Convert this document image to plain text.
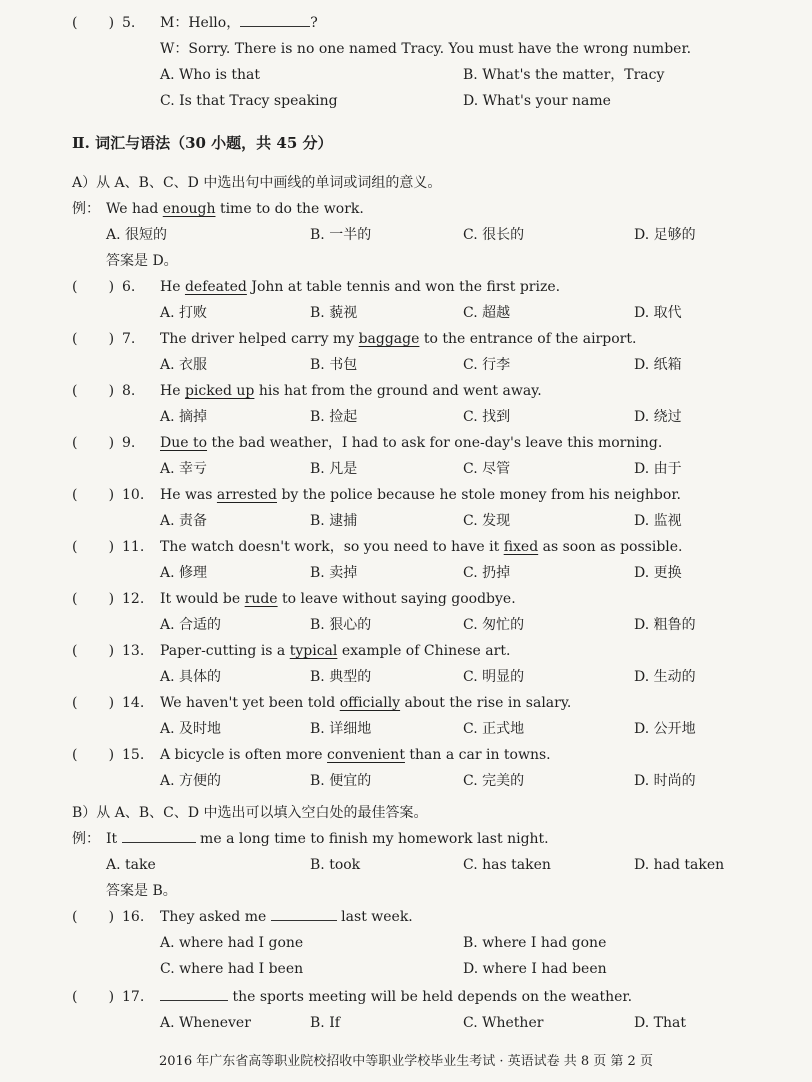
( ) 5. M：Hello，	?
W：Sorry. There is no one named Tracy. You must have the wrong number.
A. Who is that	B. What's the matter，Tracy
C. Is that Tracy speaking	D. What's your name
Ⅱ. 词汇与语法（30 小题，共 45 分）
A）从 A、B、C、D 中选出句中画线的单词或词组的意义。
例： We had enough time to do the work.
A. 很短的	B. 一半的	C. 很长的	D. 足够的
答案是 D。
( ) 6. He defeated John at table tennis and won the first prize.
A. 打败	B. 藐视	C. 超越	D. 取代
( ) 7. The driver helped carry my baggage to the entrance of the airport.
A. 衣服	B. 书包	C. 行李	D. 纸箱
( ) 8. He picked up his hat from the ground and went away.
A. 摘掉	B. 捡起	C. 找到	D. 绕过
( ) 9. Due to the bad weather，I had to ask for one-day's leave this morning.
A. 幸亏	B. 凡是	C. 尽管	D. 由于
( ) 10. He was arrested by the police because he stole money from his neighbor.
A. 责备	B. 逮捕	C. 发现	D. 监视
( ) 11. The watch doesn't work，so you need to have it fixed as soon as possible.
A. 修理	B. 卖掉	C. 扔掉	D. 更换
( ) 12. It would be rude to leave without saying goodbye.
A. 合适的	B. 狠心的	C. 匆忙的	D. 粗鲁的
( ) 13. Paper-cutting is a typical example of Chinese art.
A. 具体的	B. 典型的	C. 明显的	D. 生动的
( ) 14. We haven't yet been told officially about the rise in salary.
A. 及时地	B. 详细地	C. 正式地	D. 公开地
( ) 15. A bicycle is often more convenient than a car in towns.
A. 方便的	B. 便宜的	C. 完美的	D. 时尚的
B）从 A、B、C、D 中选出可以填入空白处的最佳答案。
例： It	me a long time to finish my homework last night.
A. take	B. took	C. has taken	D. had taken
答案是 B。
( ) 16. They asked me	last week.
A. where had I gone	B. where I had gone
C. where had I been	D. where I had been
( ) 17.	the sports meeting will be held depends on the weather.
A. Whenever	B. If	C. Whether	D. That
2016 年广东省高等职业院校招收中等职业学校毕业生考试 · 英语试卷 共 8 页 第 2 页
